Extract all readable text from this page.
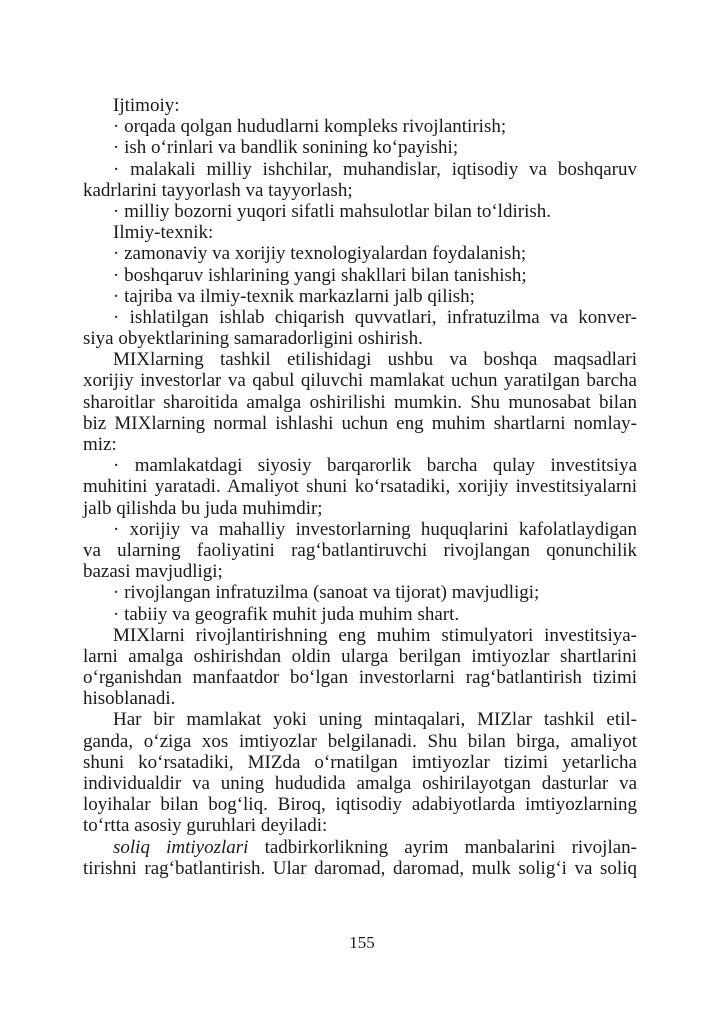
Ijtimoiy:
· orqada qolgan hududlarni kompleks rivojlantirish;
· ish o‘rinlari va bandlik sonining ko‘payishi;
· malakali milliy ishchilar, muhandislar, iqtisodiy va boshqaruv
kadrlarini tayyorlash va tayyorlash;
· milliy bozorni yuqori sifatli mahsulotlar bilan to‘ldirish.
Ilmiy-texnik:
· zamonaviy va xorijiy texnologiyalardan foydalanish;
· boshqaruv ishlarining yangi shakllari bilan tanishish;
· tajriba va ilmiy-texnik markazlarni jalb qilish;
· ishlatilgan ishlab chiqarish quvvatlari, infratuzilma va konver-
siya obyektlarining samaradorligini oshirish.
MIXlarning tashkil etilishidagi ushbu va boshqa maqsadlari
xorijiy investorlar va qabul qiluvchi mamlakat uchun yaratilgan barcha
sharoitlar sharoitida amalga oshirilishi mumkin. Shu munosabat bilan
biz MIXlarning normal ishlashi uchun eng muhim shartlarni nomlay-
miz:
· mamlakatdagi siyosiy barqarorlik barcha qulay investitsiya
muhitini yaratadi. Amaliyot shuni ko‘rsatadiki, xorijiy investitsiyalarni
jalb qilishda bu juda muhimdir;
· xorijiy va mahalliy investorlarning huquqlarini kafolatlaydigan
va ularning faoliyatini rag‘batlantiruvchi rivojlangan qonunchilik
bazasi mavjudligi;
· rivojlangan infratuzilma (sanoat va tijorat) mavjudligi;
· tabiiy va geografik muhit juda muhim shart.
MIXlarni rivojlantirishning eng muhim stimulyatori investitsiya-
larni amalga oshirishdan oldin ularga berilgan imtiyozlar shartlarini
o‘rganishdan manfaatdor bo‘lgan investorlarni rag‘batlantirish tizimi
hisoblanadi.
Har bir mamlakat yoki uning mintaqalari, MIZlar tashkil etil-
ganda, o‘ziga xos imtiyozlar belgilanadi. Shu bilan birga, amaliyot
shuni ko‘rsatadiki, MIZda o‘rnatilgan imtiyozlar tizimi yetarlicha
individualdir va uning hududida amalga oshirilayotgan dasturlar va
loyihalar bilan bog‘liq. Biroq, iqtisodiy adabiyotlarda imtiyozlarning
to‘rtta asosiy guruhlari deyiladi:
soliq imtiyozlari tadbirkorlikning ayrim manbalarini rivojlan-
tirishni rag‘batlantirish. Ular daromad, daromad, mulk solig‘i va soliq
155
